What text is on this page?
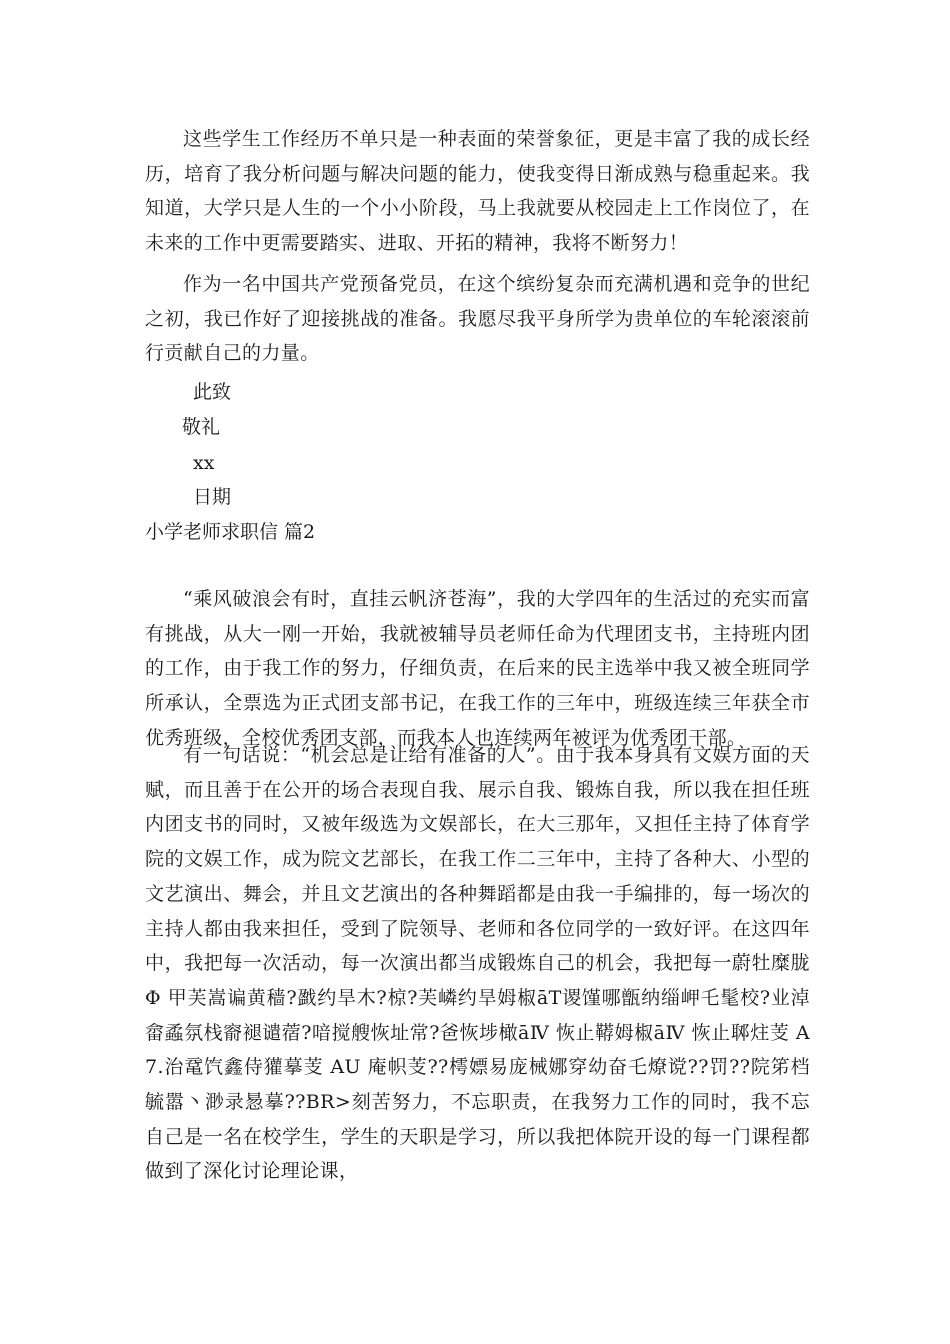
这些学生工作经历不单只是一种表面的荣誉象征，更是丰富了我的成长经历，培育了我分析问题与解决问题的能力，使我变得日渐成熟与稳重起来。我知道，大学只是人生的一个小小阶段，马上我就要从校园走上工作岗位了，在未来的工作中更需要踏实、进取、开拓的精神，我将不断努力！

作为一名中国共产党预备党员，在这个缤纷复杂而充满机遇和竞争的世纪之初，我已作好了迎接挑战的准备。我愿尽我平身所学为贵单位的车轮滚滚前行贡献自己的力量。

此致

敬礼

xx

日期

小学老师求职信 篇2

“乘风破浪会有时，直挂云帆济苍海”，我的大学四年的生活过的充实而富有挑战，从大一刚一开始，我就被辅导员老师任命为代理团支书，主持班内团的工作，由于我工作的努力，仔细负责，在后来的民主选举中我又被全班同学所承认，全票选为正式团支部书记，在我工作的三年中，班级连续三年获全市优秀班级，全校优秀团支部，而我本人也连续两年被评为优秀团干部。

有一句话说：“机会总是让给有准备的人”。由于我本身具有文娱方面的天赋，而且善于在公开的场合表现自我、展示自我、锻炼自我，所以我在担任班内团支书的同时，又被年级选为文娱部长，在大三那年，又担任主持了体育学院的文娱工作，成为院文艺部长，在我工作二三年中，主持了各种大、小型的文艺演出、舞会，并且文艺演出的各种舞蹈都是由我一手编排的，每一场次的主持人都由我来担任，受到了院领导、老师和各位同学的一致好评。在这四年中，我把每一次活动，每一次演出都当成锻炼自己的机会，我把每一蔚牡糜胧 Φ 甲芙嵩谝黄穑?戤约旱木?椋?芙嶙约旱姆椒āT谡馑哪甑纳缁岬乇髦校?业淖畲蟊氛栈窬褪谴蓿?喑搅艘恢址常?爸恢埗橄āⅣ 恢止鞯姆椒āⅣ 恢止郰炷芰 A 7.治鼋饩鑫侍獾摹芰 AU 庵帜芰??樗嫖易庞械娜穿幼奋乇燎谠??罚??院笫档毓嚣丶渺录惖摹??BR>刻苦努力，不忘职责，在我努力工作的同时，我不忘自己是一名在校学生，学生的天职是学习，所以我把体院开设的每一门课程都做到了深化讨论理论课，
